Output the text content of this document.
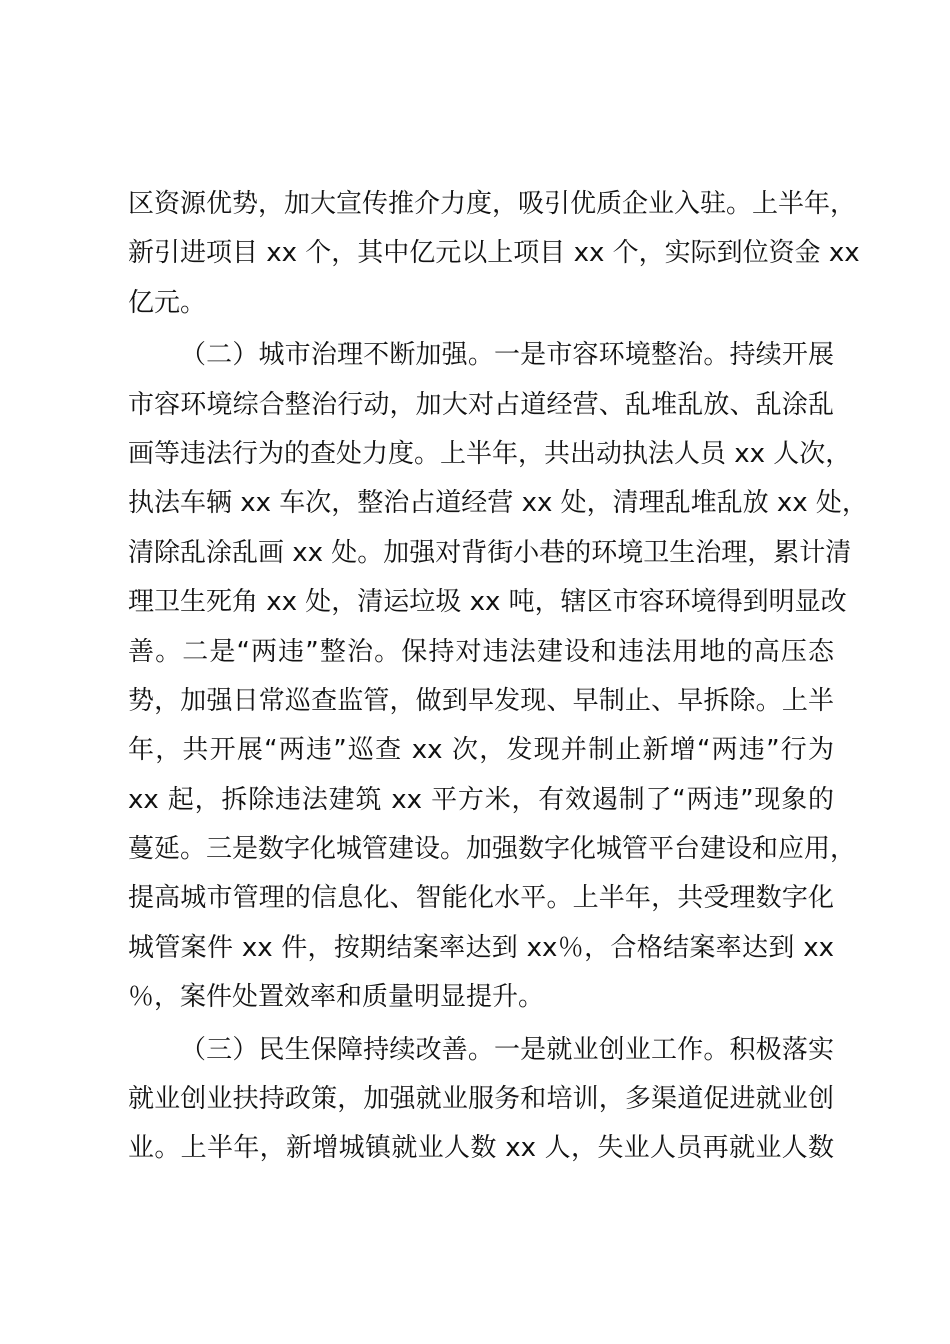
区资源优势，加大宣传推介力度，吸引优质企业入驻。上半年，
新引进项目 xx 个，其中亿元以上项目 xx 个，实际到位资金 xx
亿元。
（二）城市治理不断加强。一是市容环境整治。持续开展
市容环境综合整治行动，加大对占道经营、乱堆乱放、乱涂乱
画等违法行为的查处力度。上半年，共出动执法人员 xx 人次，
执法车辆 xx 车次，整治占道经营 xx 处，清理乱堆乱放 xx 处，
清除乱涂乱画 xx 处。加强对背街小巷的环境卫生治理，累计清
理卫生死角 xx 处，清运垃圾 xx 吨，辖区市容环境得到明显改
善。二是“两违”整治。保持对违法建设和违法用地的高压态
势，加强日常巡查监管，做到早发现、早制止、早拆除。上半
年，共开展“两违”巡查 xx 次，发现并制止新增“两违”行为
xx 起，拆除违法建筑 xx 平方米，有效遏制了“两违”现象的
蔓延。三是数字化城管建设。加强数字化城管平台建设和应用，
提高城市管理的信息化、智能化水平。上半年，共受理数字化
城管案件 xx 件，按期结案率达到 xx％，合格结案率达到 xx
％，案件处置效率和质量明显提升。
（三）民生保障持续改善。一是就业创业工作。积极落实
就业创业扶持政策，加强就业服务和培训，多渠道促进就业创
业。上半年，新增城镇就业人数 xx 人，失业人员再就业人数
